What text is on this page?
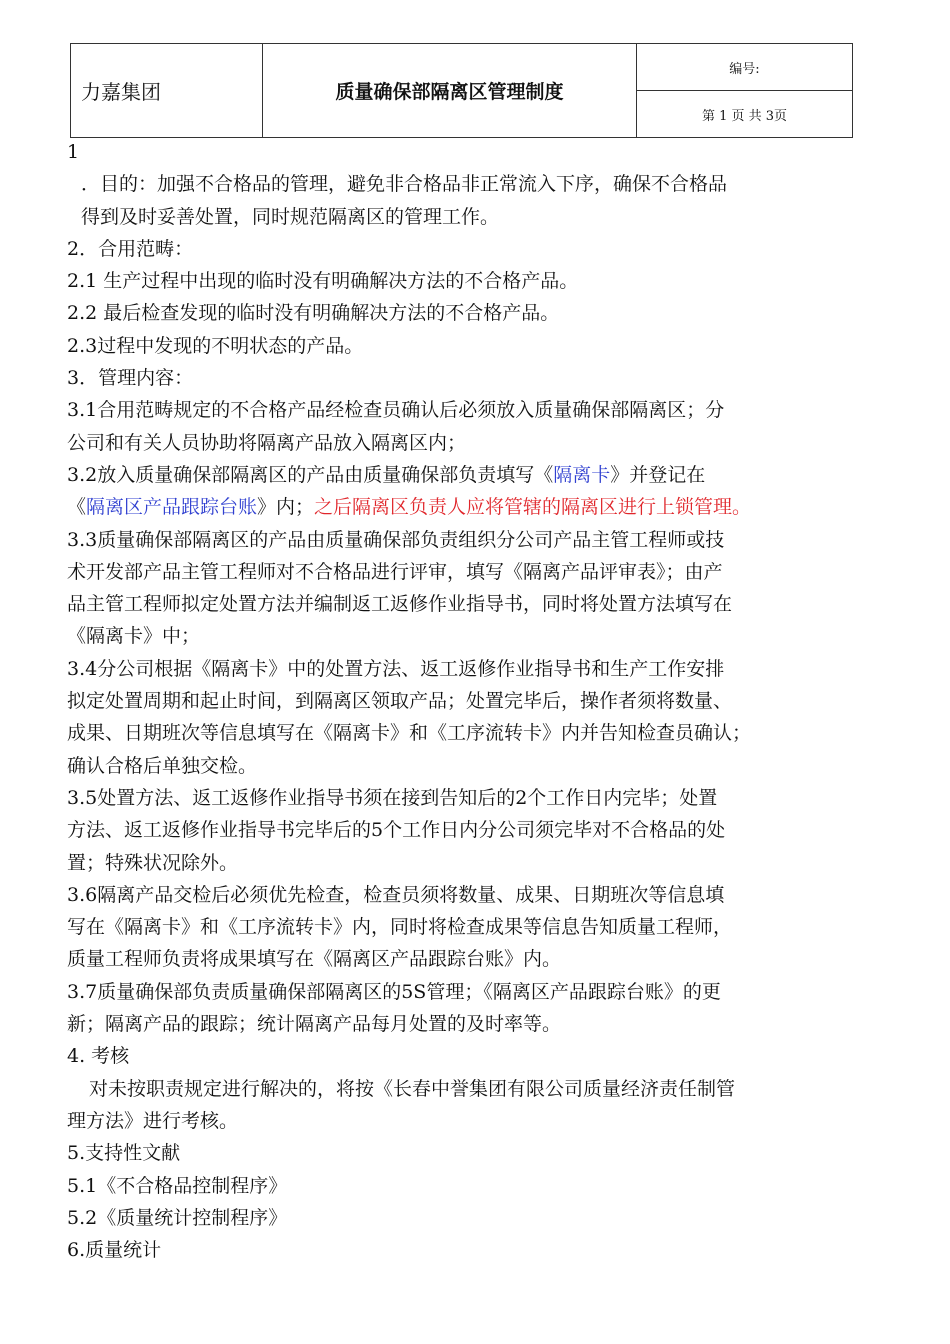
力嘉集团	质量确保部隔离区管理制度	编号:
第 1 页 共 3页
1
．目的：加强不合格品的管理，避免非合格品非正常流入下序，确保不合格品
得到及时妥善处置，同时规范隔离区的管理工作。
2．合用范畴：
2.1 生产过程中出现的临时没有明确解决方法的不合格产品。
2.2 最后检查发现的临时没有明确解决方法的不合格产品。
2.3过程中发现的不明状态的产品。
3．管理内容：
3.1合用范畴规定的不合格产品经检查员确认后必须放入质量确保部隔离区；分
公司和有关人员协助将隔离产品放入隔离区内；
3.2放入质量确保部隔离区的产品由质量确保部负责填写《隔离卡》并登记在
《隔离区产品跟踪台账》内；之后隔离区负责人应将管辖的隔离区进行上锁管理。
3.3质量确保部隔离区的产品由质量确保部负责组织分公司产品主管工程师或技
术开发部产品主管工程师对不合格品进行评审，填写《隔离产品评审表》；由产
品主管工程师拟定处置方法并编制返工返修作业指导书，同时将处置方法填写在
《隔离卡》中；
3.4分公司根据《隔离卡》中的处置方法、返工返修作业指导书和生产工作安排
拟定处置周期和起止时间，到隔离区领取产品；处置完毕后，操作者须将数量、
成果、日期班次等信息填写在《隔离卡》和《工序流转卡》内并告知检查员确认；
确认合格后单独交检。
3.5处置方法、返工返修作业指导书须在接到告知后的2个工作日内完毕；处置
方法、返工返修作业指导书完毕后的5个工作日内分公司须完毕对不合格品的处
置；特殊状况除外。
3.6隔离产品交检后必须优先检查，检查员须将数量、成果、日期班次等信息填
写在《隔离卡》和《工序流转卡》内，同时将检查成果等信息告知质量工程师，
质量工程师负责将成果填写在《隔离区产品跟踪台账》内。
3.7质量确保部负责质量确保部隔离区的5S管理；《隔离区产品跟踪台账》的更
新；隔离产品的跟踪；统计隔离产品每月处置的及时率等。
4. 考核
对未按职责规定进行解决的，将按《长春中誉集团有限公司质量经济责任制管
理方法》进行考核。
5.支持性文献
5.1《不合格品控制程序》
5.2《质量统计控制程序》
6.质量统计
